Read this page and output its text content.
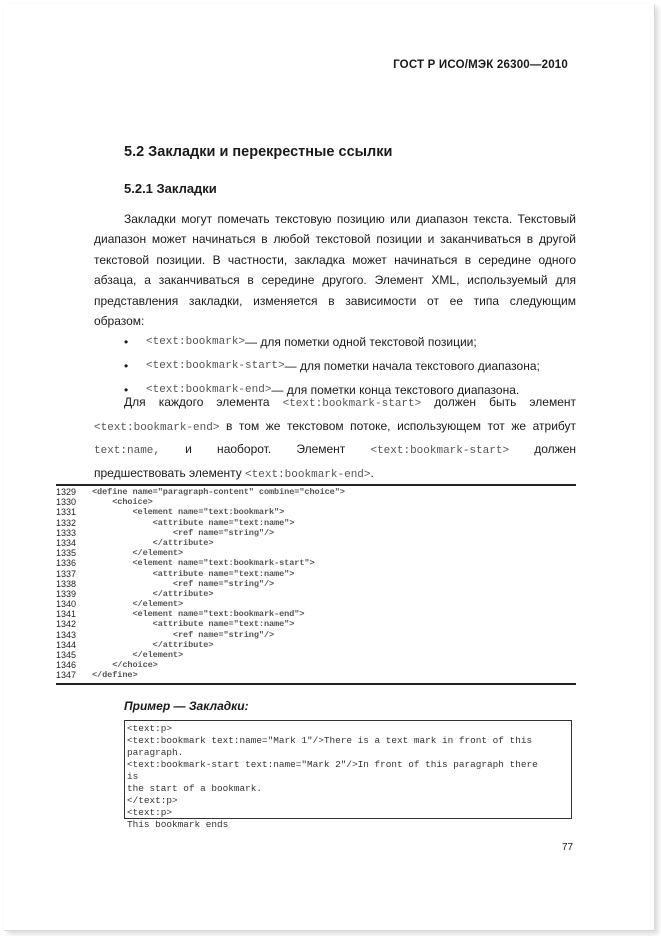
ГОСТ Р ИСО/МЭК 26300—2010
5.2 Закладки и перекрестные ссылки
5.2.1 Закладки
Закладки могут помечать текстовую позицию или диапазон текста. Текстовый
диапазон может начинаться в любой текстовой позиции и заканчиваться в другой
текстовой позиции. В частности, закладка может начинаться в середине одного
абзаца, а заканчиваться в середине другого. Элемент XML, используемый для
представления закладки, изменяется в зависимости от ее типа следующим
образом:
•	<text:bookmark> — для пометки одной текстовой позиции;
•	<text:bookmark-start> — для пометки начала текстового диапазона;
•	<text:bookmark-end> — для пометки конца текстового диапазона.
Для каждого элемента <text:bookmark-start> должен быть элемент
<text:bookmark-end> в том же текстовом потоке, использующем тот же атрибут
text:name, и наоборот. Элемент <text:bookmark-start> должен
предшествовать элементу <text:bookmark-end>.
1329	<define name="paragraph-content" combine="choice">
1330	<choice>
1331	<element name="text:bookmark">
1332	<attribute name="text:name">
1333	<ref name="string"/>
1334	</attribute>
1335	</element>
1336	<element name="text:bookmark-start">
1337	<attribute name="text:name">
1338	<ref name="string"/>
1339	</attribute>
1340	</element>
1341	<element name="text:bookmark-end">
1342	<attribute name="text:name">
1343	<ref name="string"/>
1344	</attribute>
1345	</element>
1346	</choice>
1347	</define>
Пример — Закладки:
<text:p>
<text:bookmark text:name="Mark 1"/>There is a text mark in front of this
paragraph.
<text:bookmark-start text:name="Mark 2"/>In front of this paragraph there
is
the start of a bookmark.
</text:p>
<text:p>
This bookmark ends
77
